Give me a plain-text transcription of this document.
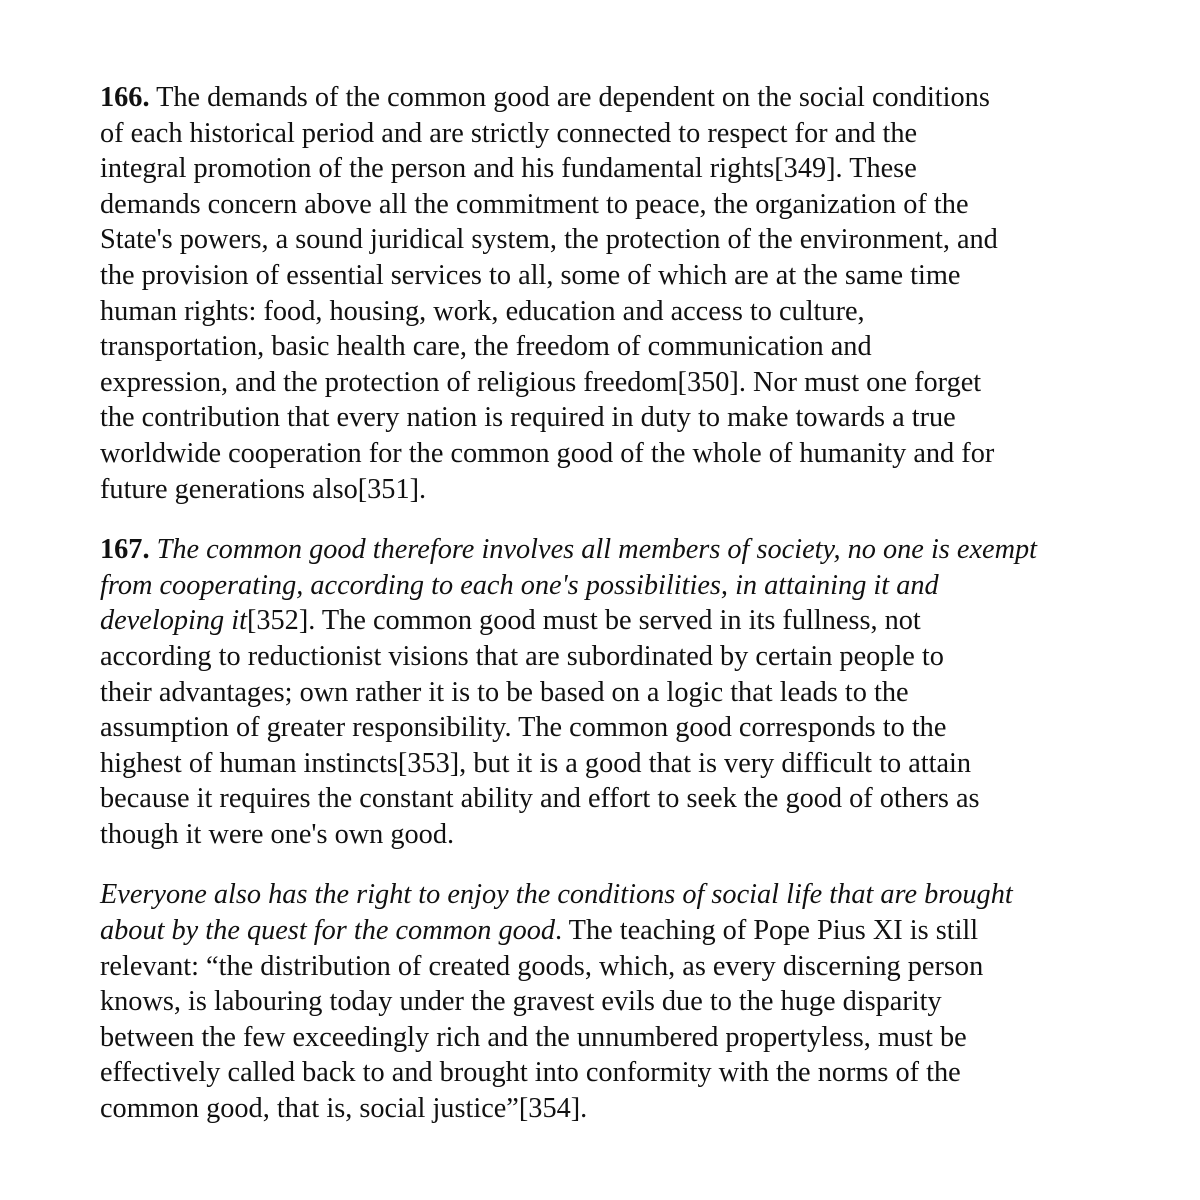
166. The demands of the common good are dependent on the social conditions
of each historical period and are strictly connected to respect for and the
integral promotion of the person and his fundamental rights[349]. These
demands concern above all the commitment to peace, the organization of the
State's powers, a sound juridical system, the protection of the environment, and
the provision of essential services to all, some of which are at the same time
human rights: food, housing, work, education and access to culture,
transportation, basic health care, the freedom of communication and
expression, and the protection of religious freedom[350]. Nor must one forget
the contribution that every nation is required in duty to make towards a true
worldwide cooperation for the common good of the whole of humanity and for
future generations also[351].

167. The common good therefore involves all members of society, no one is exempt
from cooperating, according to each one's possibilities, in attaining it and
developing it[352]. The common good must be served in its fullness, not
according to reductionist visions that are subordinated by certain people to
their advantages; own rather it is to be based on a logic that leads to the
assumption of greater responsibility. The common good corresponds to the
highest of human instincts[353], but it is a good that is very difficult to attain
because it requires the constant ability and effort to seek the good of others as
though it were one's own good.

Everyone also has the right to enjoy the conditions of social life that are brought
about by the quest for the common good. The teaching of Pope Pius XI is still
relevant: “the distribution of created goods, which, as every discerning person
knows, is labouring today under the gravest evils due to the huge disparity
between the few exceedingly rich and the unnumbered propertyless, must be
effectively called back to and brought into conformity with the norms of the
common good, that is, social justice”[354].
